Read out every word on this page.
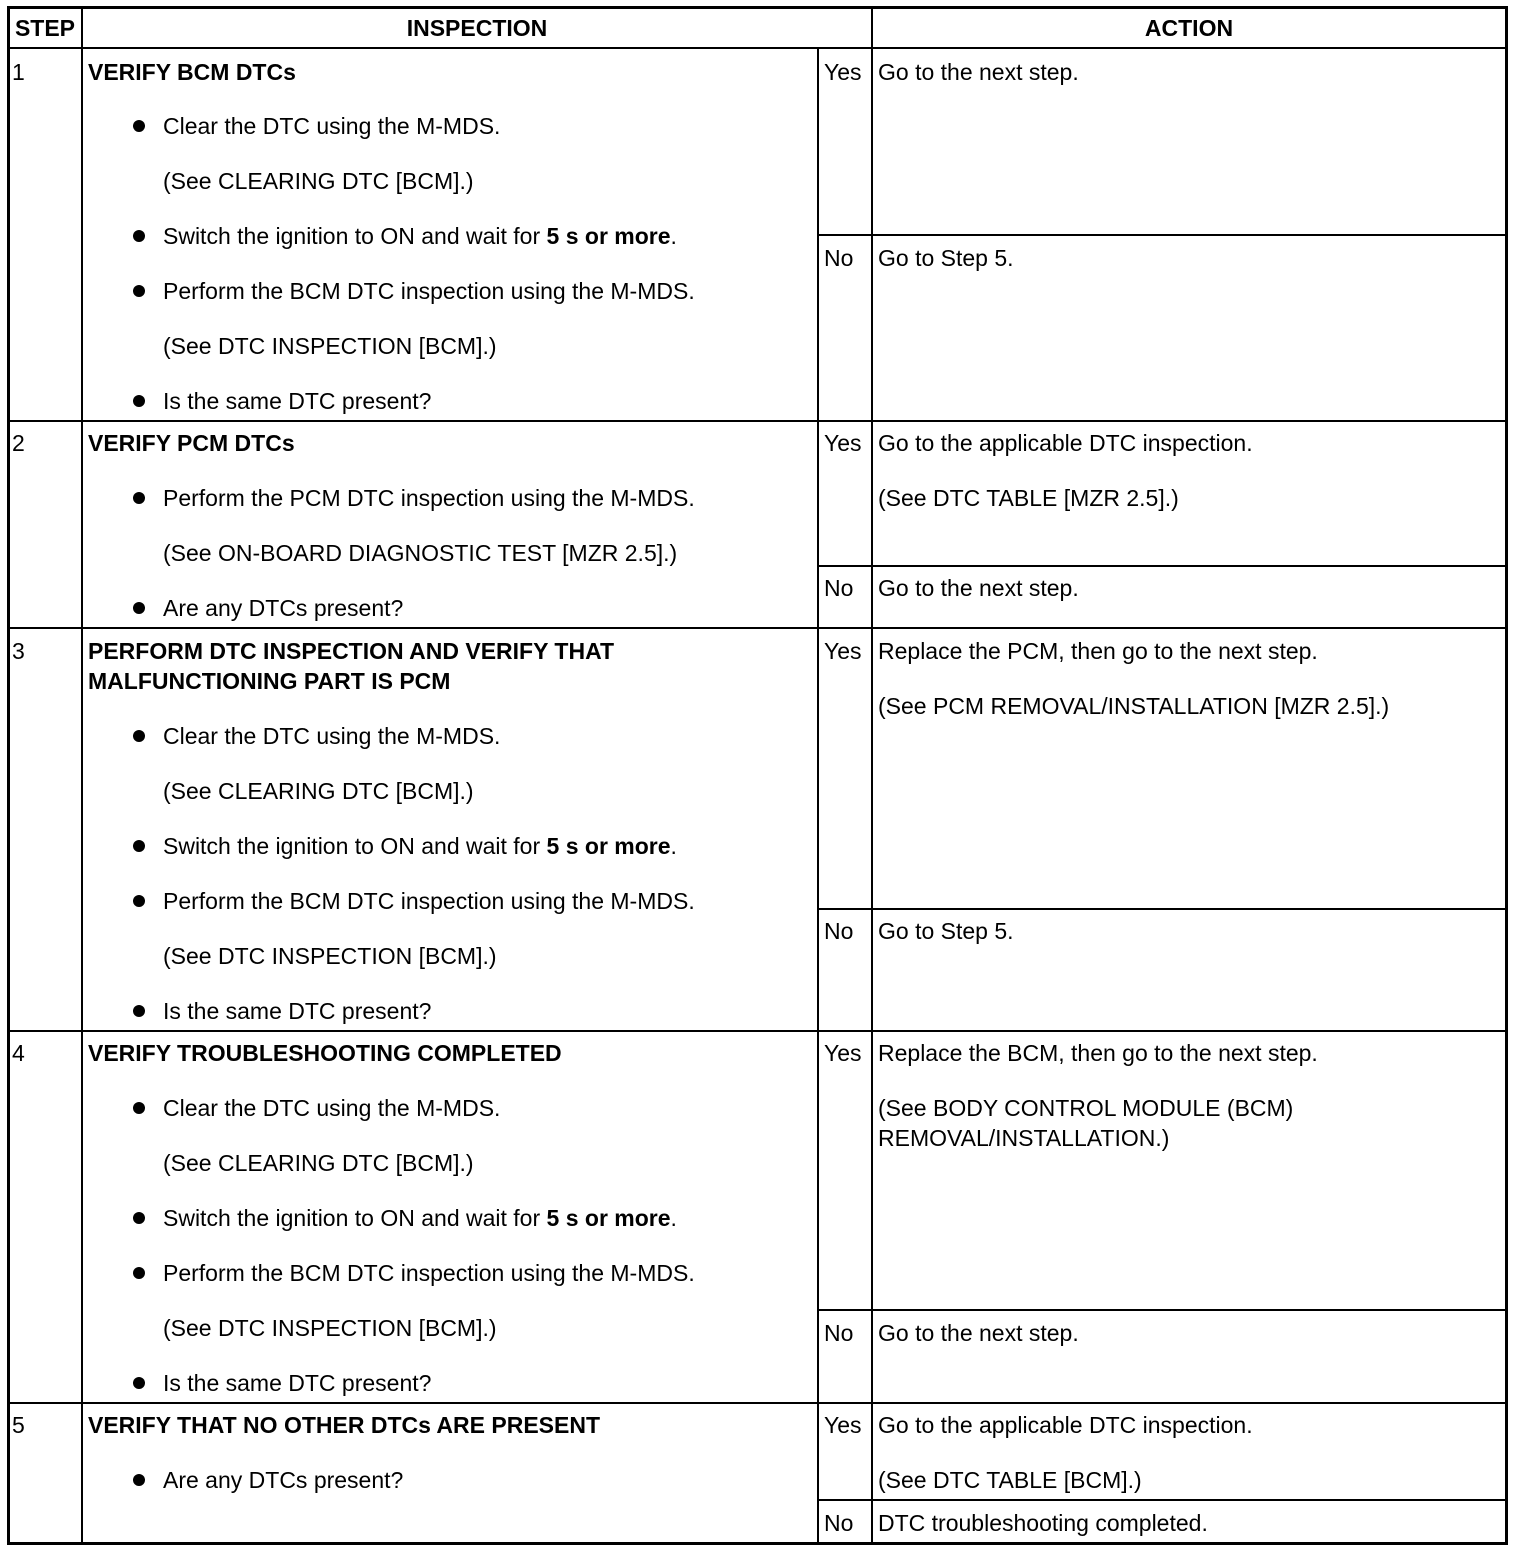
STEP	INSPECTION	ACTION
1	VERIFY BCM DTCs
Clear the DTC using the M-MDS.
(See CLEARING DTC [BCM].)
Switch the ignition to ON and wait for 5 s or more.
Perform the BCM DTC inspection using the M-MDS.
(See DTC INSPECTION [BCM].)
Is the same DTC present?
Yes Go to the next step.
No Go to Step 5.
2	VERIFY PCM DTCs
Perform the PCM DTC inspection using the M-MDS.
(See ON-BOARD DIAGNOSTIC TEST [MZR 2.5].)
Are any DTCs present?
Yes Go to the applicable DTC inspection.
(See DTC TABLE [MZR 2.5].)
No Go to the next step.
3	PERFORM DTC INSPECTION AND VERIFY THAT
MALFUNCTIONING PART IS PCM
Clear the DTC using the M-MDS.
(See CLEARING DTC [BCM].)
Switch the ignition to ON and wait for 5 s or more.
Perform the BCM DTC inspection using the M-MDS.
(See DTC INSPECTION [BCM].)
Is the same DTC present?
Yes Replace the PCM, then go to the next step.
(See PCM REMOVAL/INSTALLATION [MZR 2.5].)
No Go to Step 5.
4	VERIFY TROUBLESHOOTING COMPLETED
Clear the DTC using the M-MDS.
(See CLEARING DTC [BCM].)
Switch the ignition to ON and wait for 5 s or more.
Perform the BCM DTC inspection using the M-MDS.
(See DTC INSPECTION [BCM].)
Is the same DTC present?
Yes Replace the BCM, then go to the next step.
(See BODY CONTROL MODULE (BCM)
REMOVAL/INSTALLATION.)
No Go to the next step.
5	VERIFY THAT NO OTHER DTCs ARE PRESENT
Are any DTCs present?
Yes Go to the applicable DTC inspection.
(See DTC TABLE [BCM].)
No DTC troubleshooting completed.
